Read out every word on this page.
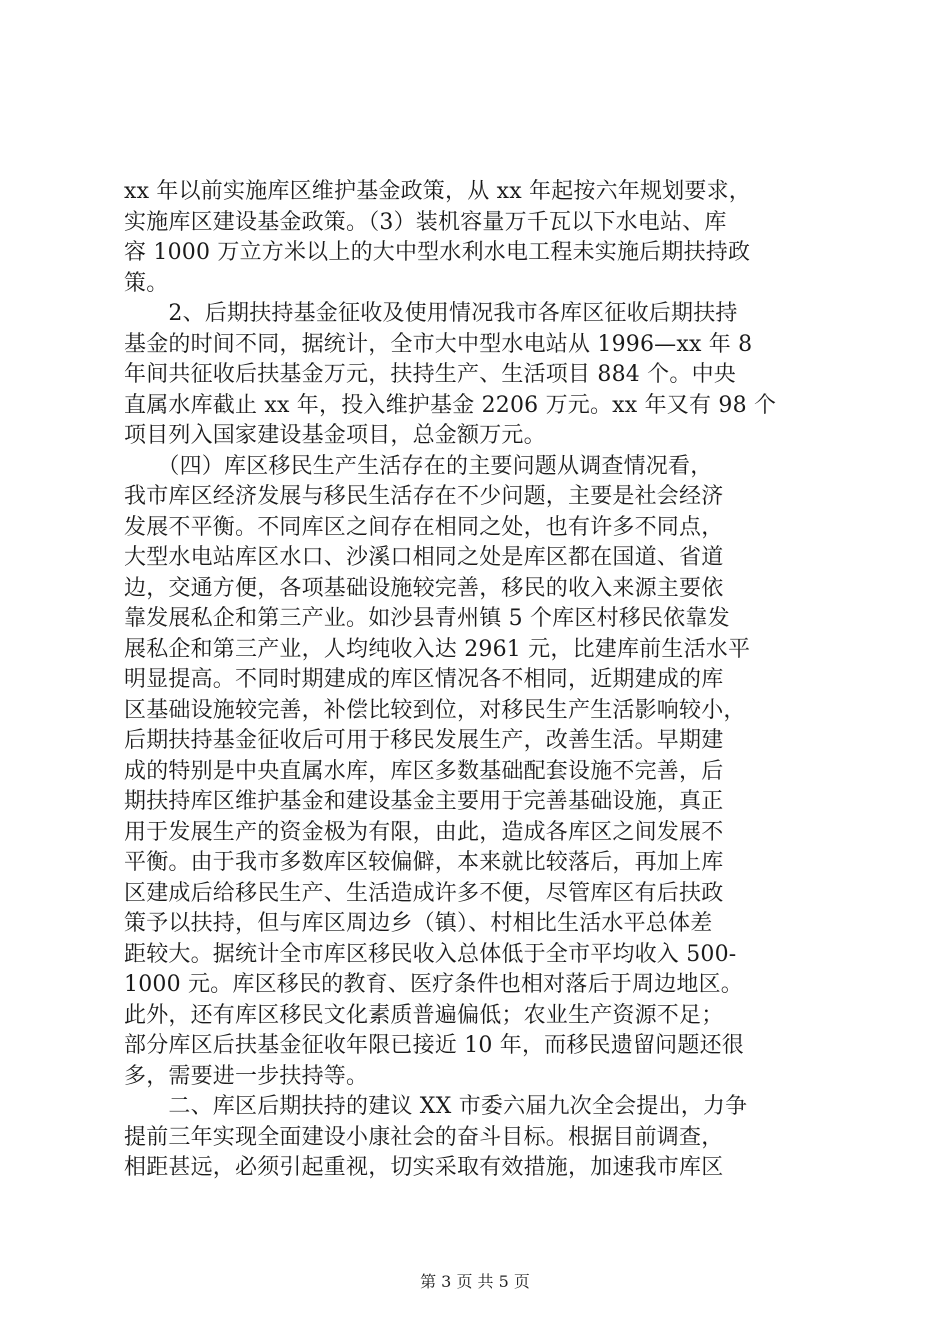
xx 年以前实施库区维护基金政策，从 xx 年起按六年规划要求，
实施库区建设基金政策。（3）装机容量万千瓦以下水电站、库
容 1000 万立方米以上的大中型水利水电工程未实施后期扶持政
策。
　　2、后期扶持基金征收及使用情况我市各库区征收后期扶持
基金的时间不同，据统计，全市大中型水电站从 1996—xx 年 8
年间共征收后扶基金万元，扶持生产、生活项目 884 个。中央
直属水库截止 xx 年，投入维护基金 2206 万元。xx 年又有 98 个
项目列入国家建设基金项目，总金额万元。
　　（四）库区移民生产生活存在的主要问题从调查情况看，
我市库区经济发展与移民生活存在不少问题，主要是社会经济
发展不平衡。不同库区之间存在相同之处，也有许多不同点，
大型水电站库区水口、沙溪口相同之处是库区都在国道、省道
边，交通方便，各项基础设施较完善，移民的收入来源主要依
靠发展私企和第三产业。如沙县青州镇 5 个库区村移民依靠发
展私企和第三产业，人均纯收入达 2961 元，比建库前生活水平
明显提高。不同时期建成的库区情况各不相同，近期建成的库
区基础设施较完善，补偿比较到位，对移民生产生活影响较小，
后期扶持基金征收后可用于移民发展生产，改善生活。早期建
成的特别是中央直属水库，库区多数基础配套设施不完善，后
期扶持库区维护基金和建设基金主要用于完善基础设施，真正
用于发展生产的资金极为有限，由此，造成各库区之间发展不
平衡。由于我市多数库区较偏僻，本来就比较落后，再加上库
区建成后给移民生产、生活造成许多不便，尽管库区有后扶政
策予以扶持，但与库区周边乡（镇）、村相比生活水平总体差
距较大。据统计全市库区移民收入总体低于全市平均收入 500-
1000 元。库区移民的教育、医疗条件也相对落后于周边地区。
此外，还有库区移民文化素质普遍偏低；农业生产资源不足；
部分库区后扶基金征收年限已接近 10 年，而移民遗留问题还很
多，需要进一步扶持等。
　　二、库区后期扶持的建议 XX 市委六届九次全会提出，力争
提前三年实现全面建设小康社会的奋斗目标。根据目前调查，
相距甚远，必须引起重视，切实采取有效措施，加速我市库区
第 3 页 共 5 页
